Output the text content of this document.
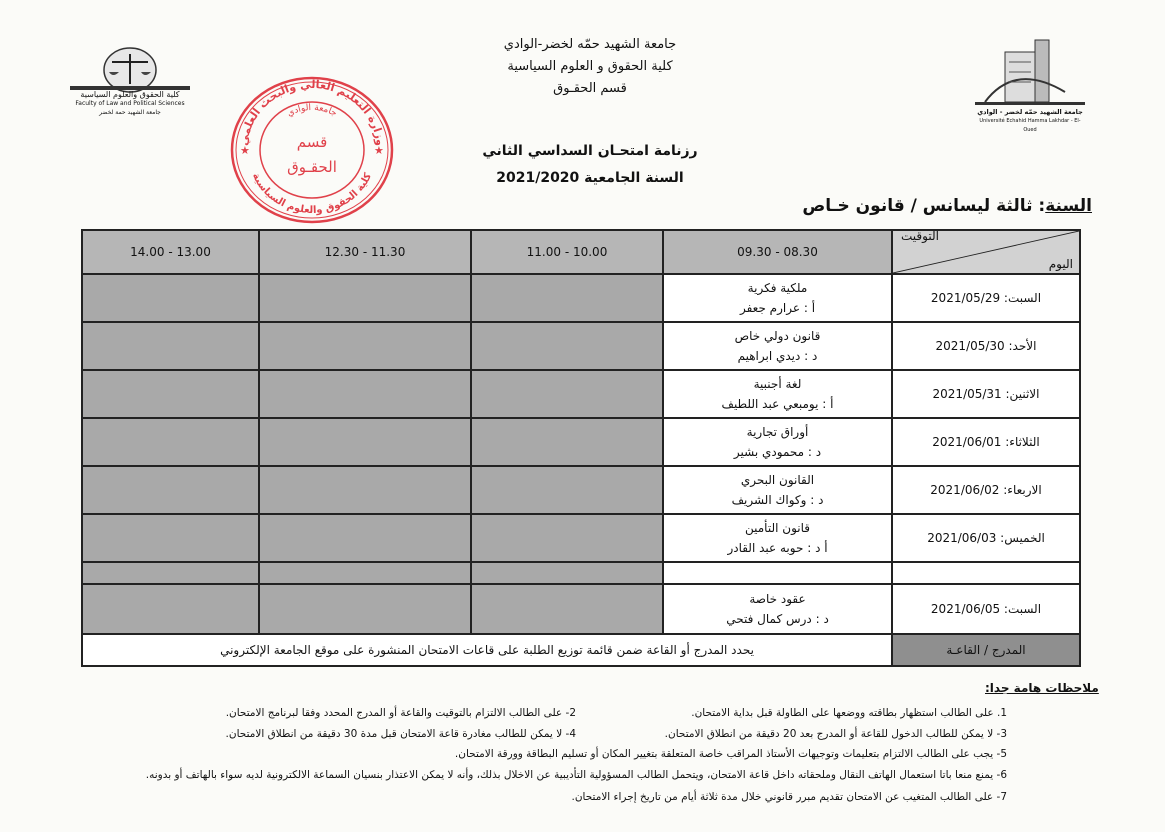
جامعة الشهيد حمّه لخضر-الوادي
كلية الحقوق و العلوم السياسية
قسم الحقـوق
كلية الحقوق والعلوم السياسية
Faculty of Law and Political Sciences
جامعة الشهيد حمة لخضر	جامعة الشهيد حمّه لخضر - الوادي
Université Echahid Hamma Lakhdar - El-Oued
وزارة التعليم العالي والبحث العلمي
كلية الحقوق والعلوم السياسية
جامعة الوادي
قسم
الحقـوق
★	★	رزنامة امتحـان السداسي الثاني
السنة الجامعية 2021/2020
السنة: ثالثة ليسانس / قانون خـاص
التوقيت
اليوم	09.30 - 08.30	11.00 - 10.00	12.30 - 11.30	14.00 - 13.00
السبت: 2021/05/29	ملكية فكرية
أ : عرارم جعفر			

الأحد: 2021/05/30	قانون دولي خاص
د : ديدي ابراهيم			

الاثنين: 2021/05/31	لغة أجنبية
أ : يومبعي عبد اللطيف			

الثلاثاء: 2021/06/01	أوراق تجارية
د : محمودي بشير			

الاربعاء: 2021/06/02	القانون البحري
د : وكواك الشريف			

الخميس: 2021/06/03	قانون التأمين
أ د : حوبه عبد القادر			

السبت: 2021/06/05	عقود خاصة
د : درس كمال فتحي			

المدرج / القاعـة	يحدد المدرج أو القاعة ضمن قائمة توزيع الطلبة على قاعات الامتحان المنشورة على موقع الجامعة الإلكتروني			
ملاحظات هامة جدا:
1. على الطالب استظهار بطاقته ووضعها على الطاولة قبل بداية الامتحان.
2- على الطالب الالتزام بالتوقيت والقاعة أو المدرج المحدد وفقا لبرنامج الامتحان.
3- لا يمكن للطالب الدخول للقاعة أو المدرج بعد 20 دقيقة من انطلاق الامتحان.
4- لا يمكن للطالب مغادرة قاعة الامتحان قبل مدة 30 دقيقة من انطلاق الامتحان.
5- يجب على الطالب الالتزام بتعليمات وتوجيهات الأستاذ المراقب خاصة المتعلقة بتغيير المكان أو تسليم البطاقة وورقة الامتحان.
6- يمنع منعا باتا استعمال الهاتف النقال وملحقاته داخل قاعة الامتحان، ويتحمل الطالب المسؤولية التأديبية عن الاخلال بذلك، وأنه لا يمكن الاعتذار بنسيان السماعة الالكترونية لديه سواء بالهاتف أو بدونه.
7- على الطالب المتغيب عن الامتحان تقديم مبرر قانوني خلال مدة ثلاثة أيام من تاريخ إجراء الامتحان.
